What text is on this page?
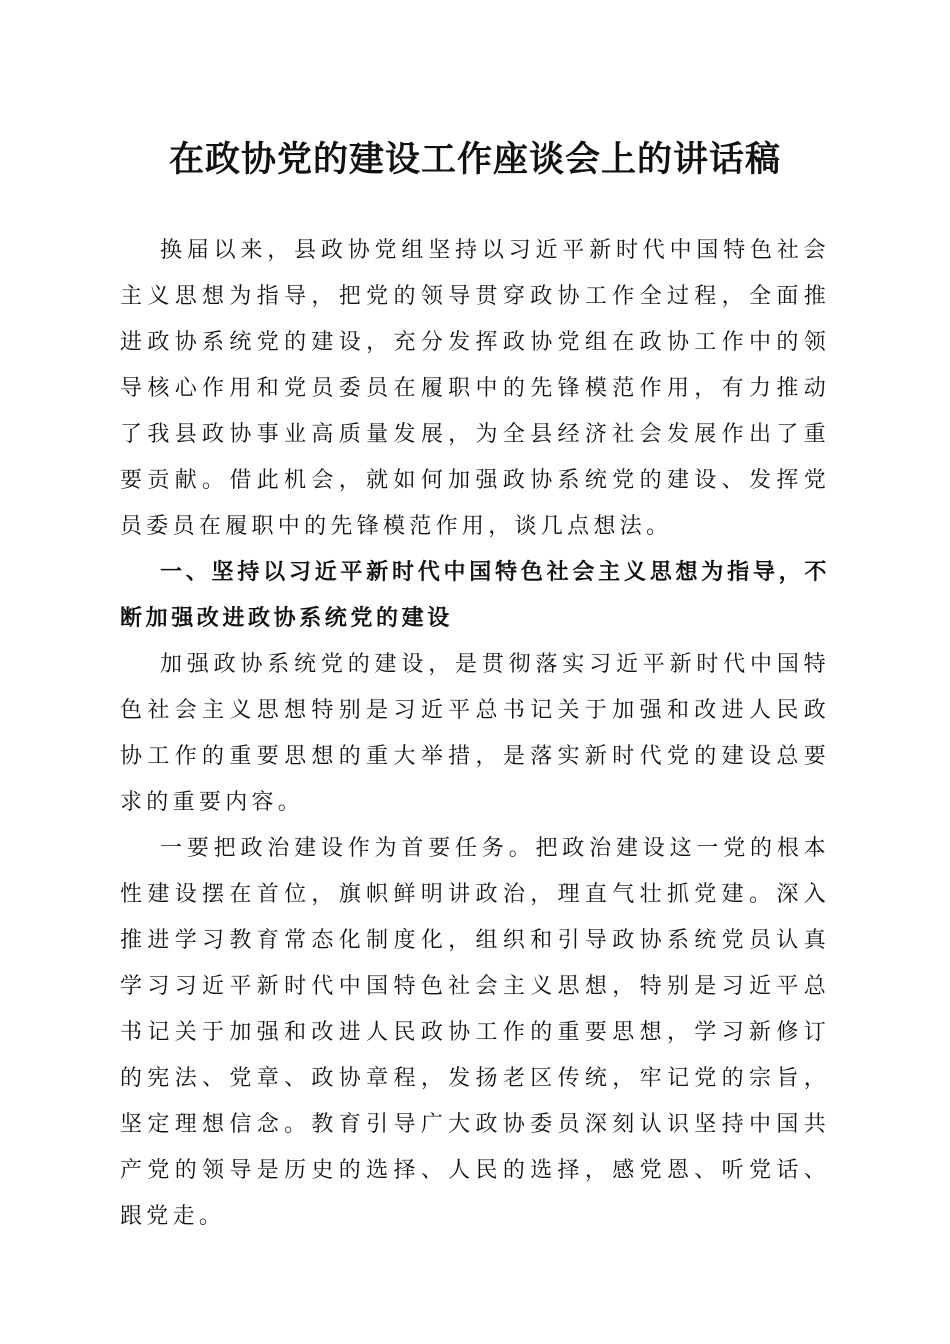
在政协党的建设工作座谈会上的讲话稿

换届以来，县政协党组坚持以习近平新时代中国特色社会主义思想为指导，把党的领导贯穿政协工作全过程，全面推进政协系统党的建设，充分发挥政协党组在政协工作中的领导核心作用和党员委员在履职中的先锋模范作用，有力推动了我县政协事业高质量发展，为全县经济社会发展作出了重要贡献。借此机会，就如何加强政协系统党的建设、发挥党员委员在履职中的先锋模范作用，谈几点想法。

一、坚持以习近平新时代中国特色社会主义思想为指导，不断加强改进政协系统党的建设

加强政协系统党的建设，是贯彻落实习近平新时代中国特色社会主义思想特别是习近平总书记关于加强和改进人民政协工作的重要思想的重大举措，是落实新时代党的建设总要求的重要内容。

一要把政治建设作为首要任务。把政治建设这一党的根本性建设摆在首位，旗帜鲜明讲政治，理直气壮抓党建。深入推进学习教育常态化制度化，组织和引导政协系统党员认真学习习近平新时代中国特色社会主义思想，特别是习近平总书记关于加强和改进人民政协工作的重要思想，学习新修订的宪法、党章、政协章程，发扬老区传统，牢记党的宗旨，坚定理想信念。教育引导广大政协委员深刻认识坚持中国共产党的领导是历史的选择、人民的选择，感党恩、听党话、跟党走。
